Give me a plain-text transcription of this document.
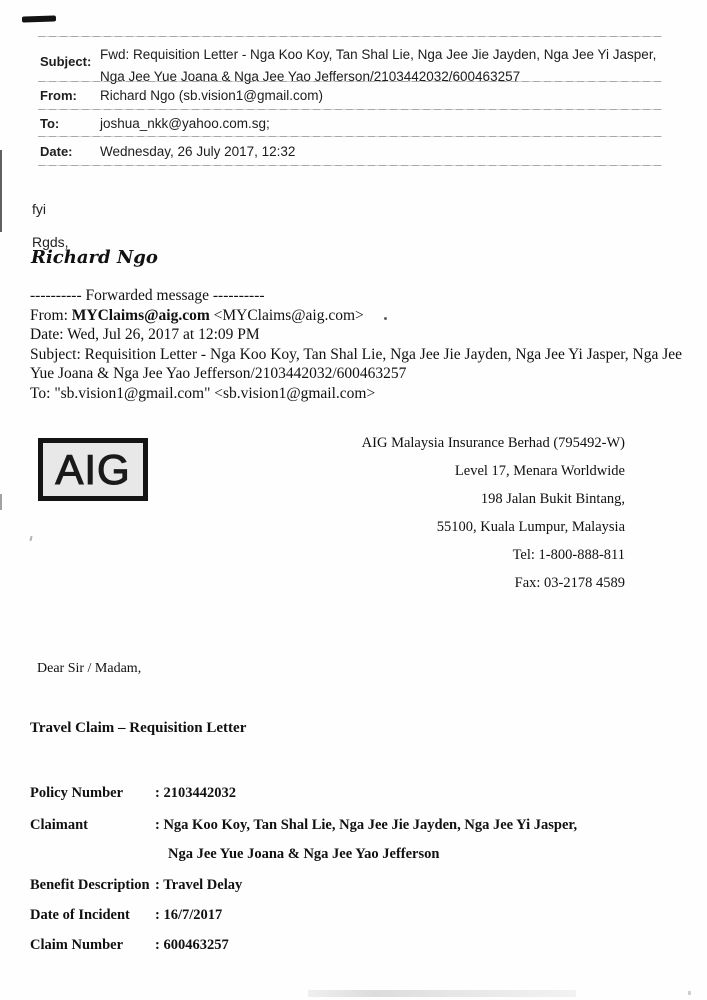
Subject: Fwd: Requisition Letter - Nga Koo Koy, Tan Shal Lie, Nga Jee Jie Jayden, Nga Jee Yi Jasper, Nga Jee Yue Joana & Nga Jee Yao Jefferson/2103442032/600463257
From: Richard Ngo (sb.vision1@gmail.com)
To:	joshua_nkk@yahoo.com.sg;
Date: Wednesday, 26 July 2017, 12:32
fyi
Rgds,
Richard Ngo

---------- Forwarded message ----------

From: MYClaims@aig.com <MYClaims@aig.com>

Date: Wed, Jul 26, 2017 at 12:09 PM

Subject: Requisition Letter - Nga Koo Koy, Tan Shal Lie, Nga Jee Jie Jayden, Nga Jee Yi Jasper, Nga Jee Yue Joana & Nga Jee Yao Jefferson/2103442032/600463257

To: "sb.vision1@gmail.com" <sb.vision1@gmail.com>

AIG
AIG Malaysia Insurance Berhad (795492-W)
Level 17, Menara Worldwide
198 Jalan Bukit Bintang,
55100, Kuala Lumpur, Malaysia
Tel: 1-800-888-811
Fax: 03-2178 4589
Dear Sir / Madam,
Travel Claim – Requisition Letter
Policy Number : 2103442032
Claimant	: Nga Koo Koy, Tan Shal Lie, Nga Jee Jie Jayden, Nga Jee Yi Jasper,
Nga Jee Yue Joana & Nga Jee Yao Jefferson
Benefit Description : Travel Delay
Date of Incident : 16/7/2017
Claim Number : 600463257
